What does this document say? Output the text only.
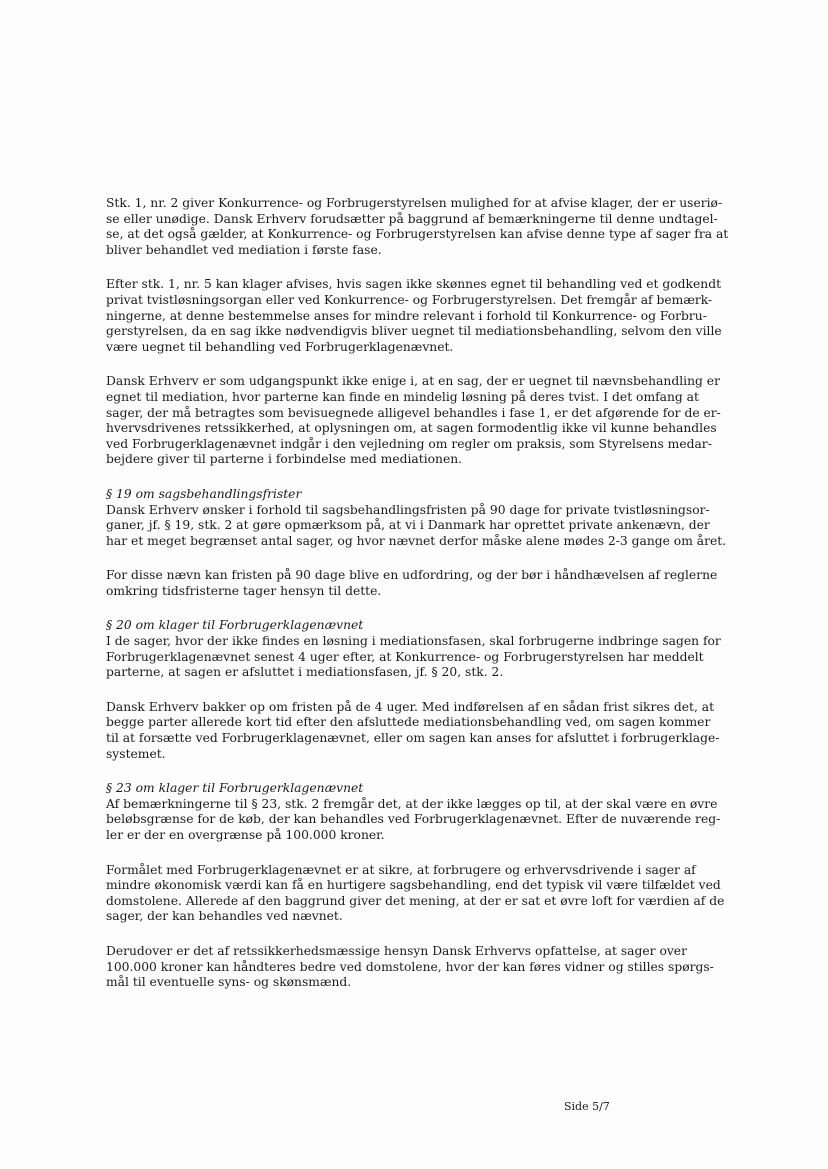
Stk. 1, nr. 2 giver Konkurrence- og Forbrugerstyrelsen mulighed for at afvise klager, der er useriø-
se eller unødige. Dansk Erhverv forudsætter på baggrund af bemærkningerne til denne undtagel-
se, at det også gælder, at Konkurrence- og Forbrugerstyrelsen kan afvise denne type af sager fra at
bliver behandlet ved mediation i første fase.

Efter stk. 1, nr. 5 kan klager afvises, hvis sagen ikke skønnes egnet til behandling ved et godkendt
privat tvistløsningsorgan eller ved Konkurrence- og Forbrugerstyrelsen. Det fremgår af bemærk-
ningerne, at denne bestemmelse anses for mindre relevant i forhold til Konkurrence- og Forbru-
gerstyrelsen, da en sag ikke nødvendigvis bliver uegnet til mediationsbehandling, selvom den ville
være uegnet til behandling ved Forbrugerklagenævnet.

Dansk Erhverv er som udgangspunkt ikke enige i, at en sag, der er uegnet til nævnsbehandling er
egnet til mediation, hvor parterne kan finde en mindelig løsning på deres tvist. I det omfang at
sager, der må betragtes som bevisuegnede alligevel behandles i fase 1, er det afgørende for de er-
hvervsdrivenes retssikkerhed, at oplysningen om, at sagen formodentlig ikke vil kunne behandles
ved Forbrugerklagenævnet indgår i den vejledning om regler om praksis, som Styrelsens medar-
bejdere giver til parterne i forbindelse med mediationen.

§ 19 om sagsbehandlingsfrister

Dansk Erhverv ønsker i forhold til sagsbehandlingsfristen på 90 dage for private tvistløsningsor-
ganer, jf. § 19, stk. 2 at gøre opmærksom på, at vi i Danmark har oprettet private ankenævn, der
har et meget begrænset antal sager, og hvor nævnet derfor måske alene mødes 2-3 gange om året.

For disse nævn kan fristen på 90 dage blive en udfordring, og der bør i håndhævelsen af reglerne
omkring tidsfristerne tager hensyn til dette.

§ 20 om klager til Forbrugerklagenævnet

I de sager, hvor der ikke findes en løsning i mediationsfasen, skal forbrugerne indbringe sagen for
Forbrugerklagenævnet senest 4 uger efter, at Konkurrence- og Forbrugerstyrelsen har meddelt
parterne, at sagen er afsluttet i mediationsfasen, jf. § 20, stk. 2.

Dansk Erhverv bakker op om fristen på de 4 uger. Med indførelsen af en sådan frist sikres det, at
begge parter allerede kort tid efter den afsluttede mediationsbehandling ved, om sagen kommer
til at forsætte ved Forbrugerklagenævnet, eller om sagen kan anses for afsluttet i forbrugerklage-
systemet.

§ 23 om klager til Forbrugerklagenævnet

Af bemærkningerne til § 23, stk. 2 fremgår det, at der ikke lægges op til, at der skal være en øvre
beløbsgrænse for de køb, der kan behandles ved Forbrugerklagenævnet. Efter de nuværende reg-
ler er der en overgrænse på 100.000 kroner.

Formålet med Forbrugerklagenævnet er at sikre, at forbrugere og erhvervsdrivende i sager af
mindre økonomisk værdi kan få en hurtigere sagsbehandling, end det typisk vil være tilfældet ved
domstolene. Allerede af den baggrund giver det mening, at der er sat et øvre loft for værdien af de
sager, der kan behandles ved nævnet.

Derudover er det af retssikkerhedsmæssige hensyn Dansk Erhvervs opfattelse, at sager over
100.000 kroner kan håndteres bedre ved domstolene, hvor der kan føres vidner og stilles spørgs-
mål til eventuelle syns- og skønsmænd.

Side 5/7
